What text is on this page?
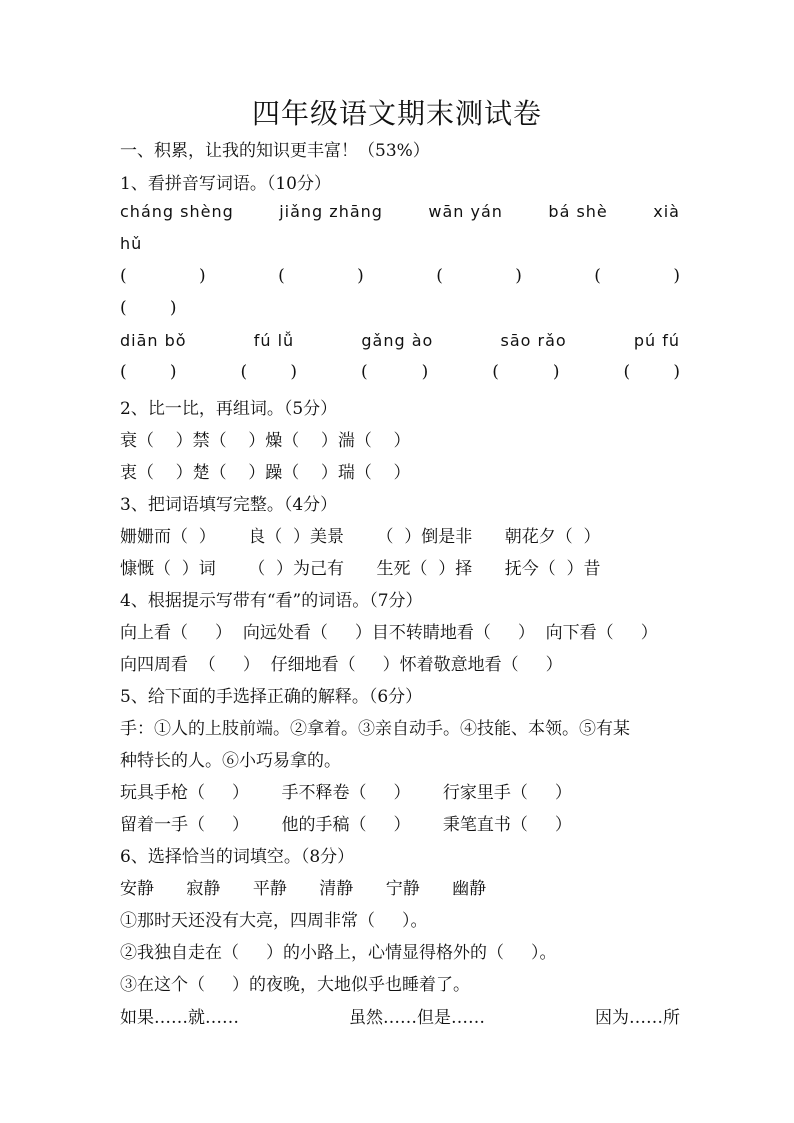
四年级语文期末测试卷
一、积累，让我的知识更丰富！（53%）
1、看拼音写词语。（10分）
cháng shèng	jiǎng zhāng	wān yán	bá shè	xià
hǔ
(	)	(	)	(	)	(	)
(        )
diān bǒ	fú lǚ	gǎng ào	sāo rǎo	pú fú
(        )	(        )	(          )	(          )	(        )
2、比一比，再组词。（5分）
衰（    ）禁（    ）燥（    ）湍（    ）
衷（    ）楚（    ）躁（    ）瑞（    ）
3、把词语填写完整。（4分）
姗姗而（  ）      良（  ）美景      （  ）倒是非      朝花夕（  ）
慷慨（  ）词      （  ）为己有      生死（  ）择      抚今（  ）昔
4、根据提示写带有“看”的词语。（7分）
向上看（     ）  向远处看（     ）目不转睛地看（     ）  向下看（     ）
向四周看  （     ）  仔细地看（     ）怀着敬意地看（     ）
5、给下面的手选择正确的解释。（6分）
手：①人的上肢前端。②拿着。③亲自动手。④技能、本领。⑤有某
种特长的人。⑥小巧易拿的。
玩具手枪（     ）      手不释卷（     ）      行家里手（     ）
留着一手（     ）      他的手稿（     ）      秉笔直书（     ）
6、选择恰当的词填空。（8分）
安静      寂静      平静      清静      宁静      幽静
①那时天还没有大亮，四周非常（     ）。
②我独自走在（     ）的小路上，心情显得格外的（     ）。
③在这个（     ）的夜晚，大地似乎也睡着了。
如果……就……	虽然……但是……	因为……所
